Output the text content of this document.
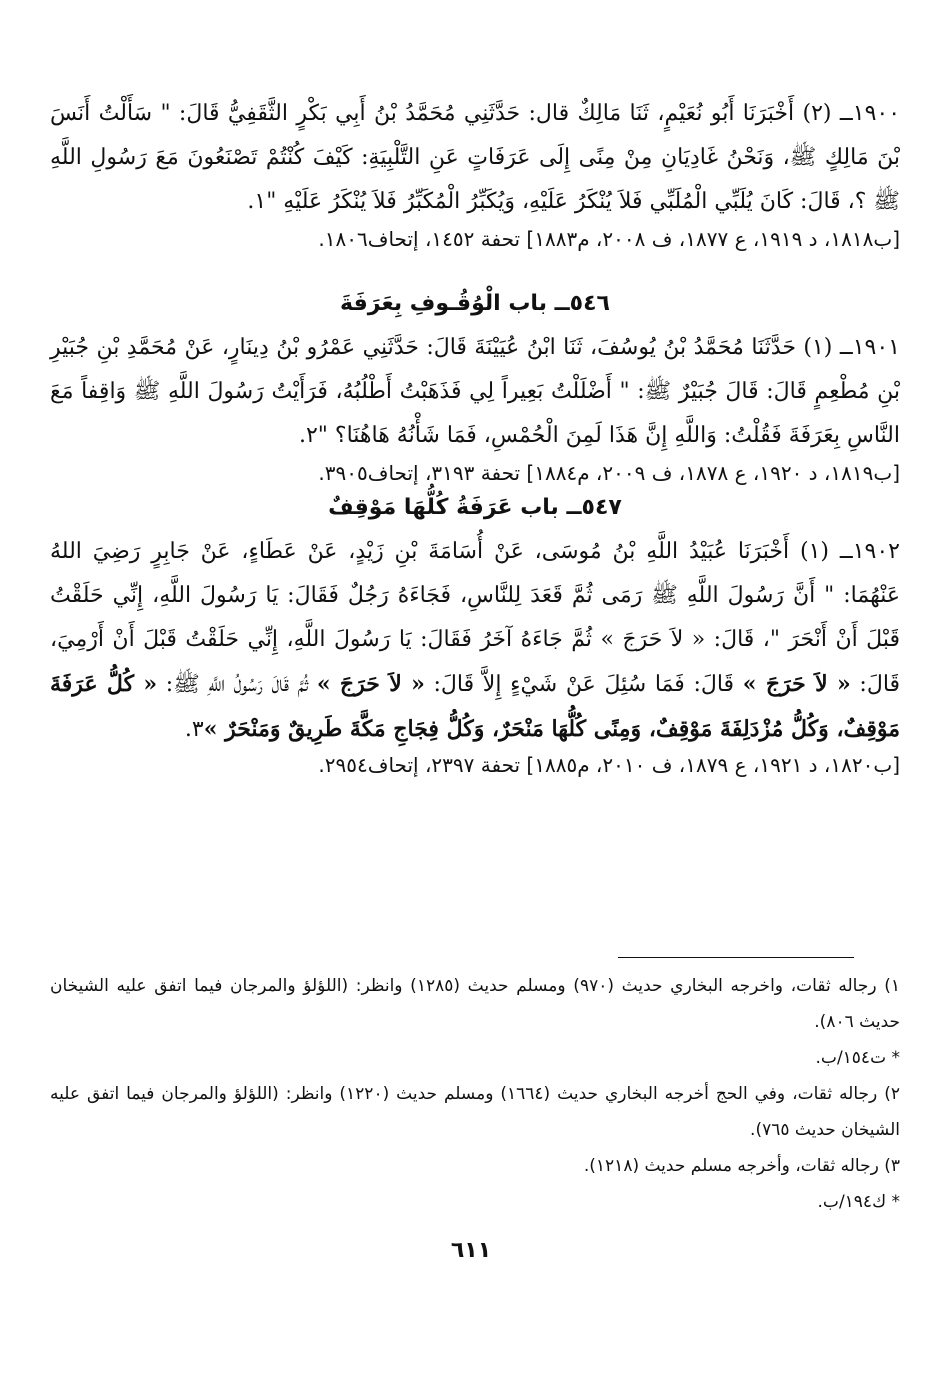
١٩٠٠ــ (٢) أَخْبَرَنَا أَبُو نُعَيْمٍ، ثَنَا مَالِكٌ قال: حَدَّثَنِي مُحَمَّدُ بْنُ أَبِي بَكْرٍ الثَّقَفِيُّ قَالَ: " سَأَلْتُ أَنَسَ بْنَ مَالِكٍ ﷺ، وَنَحْنُ غَادِيَانِ مِنْ مِنًى إِلَى عَرَفَاتٍ عَنِ التَّلْبِيَةِ: كَيْفَ كُنْتُمْ تَصْنَعُونَ مَعَ رَسُولِ اللَّهِ ﷺ ؟، قَالَ: كَانَ يُلَبِّي الْمُلَبِّي فَلاَ يُنْكَرُ عَلَيْهِ، وَيُكَبِّرُ الْمُكَبِّرُ فَلاَ يُنْكَرُ عَلَيْهِ "١.

[ب١٨١٨، د ١٩١٩، ع ١٨٧٧، ف ٢٠٠٨، م١٨٨٣] تحفة ١٤٥٢، إتحاف١٨٠٦.

٥٤٦ــ باب الْوُقُـوفِ بِعَرَفَةَ

١٩٠١ــ (١) حَدَّثَنَا مُحَمَّدُ بْنُ يُوسُفَ، ثَنَا ابْنُ عُيَيْنَةَ قَالَ: حَدَّثَنِي عَمْرُو بْنُ دِينَارٍ، عَنْ مُحَمَّدِ بْنِ جُبَيْرِ بْنِ مُطْعِمٍ قَالَ: قَالَ جُبَيْرٌ ﷺ: " أَضْلَلْتُ بَعِيراً لِي فَذَهَبْتُ أَطْلُبُهُ، فَرَأَيْتُ رَسُولَ اللَّهِ ﷺ وَاقِفاً مَعَ النَّاسِ بِعَرَفَةَ فَقُلْتُ: وَاللَّهِ إِنَّ هَذَا لَمِنَ الْحُمْسِ، فَمَا شَأْنُهُ هَاهُنَا؟ "٢.

[ب١٨١٩، د ١٩٢٠، ع ١٨٧٨، ف ٢٠٠٩، م١٨٨٤] تحفة ٣١٩٣، إتحاف٣٩٠٥.

٥٤٧ــ باب عَرَفَةُ كُلُّهَا مَوْقِفٌ

١٩٠٢ــ (١) أَخْبَرَنَا عُبَيْدُ اللَّهِ بْنُ مُوسَى، عَنْ أُسَامَةَ بْنِ زَيْدٍ، عَنْ عَطَاءٍ، عَنْ جَابِرٍ رَضِيَ اللهُ عَنْهُمَا: " أَنَّ رَسُولَ اللَّهِ ﷺ رَمَى ثُمَّ قَعَدَ لِلنَّاسِ، فَجَاءَهُ رَجُلٌ فَقَالَ: يَا رَسُولَ اللَّهِ، إِنِّي حَلَقْتُ قَبْلَ أَنْ أَنْحَرَ "، قَالَ: « لاَ حَرَجَ » ثُمَّ جَاءَهُ آخَرُ فَقَالَ: يَا رَسُولَ اللَّهِ، إِنِّي حَلَقْتُ قَبْلَ أَنْ أَرْمِيَ، قَالَ: « لاَ حَرَجَ » قَالَ: فَمَا سُئِلَ عَنْ شَيْءٍ إِلاَّ قَالَ: « لاَ حَرَجَ » ثُمَّ قَالَ رَسُولُ اللَّهِ ﷺ: « كُلُّ عَرَفَةَ مَوْقِفٌ، وَكُلُّ مُزْدَلِفَةَ مَوْقِفٌ، وَمِنًى كُلُّهَا مَنْحَرٌ، وَكُلُّ فِجَاجِ مَكَّةَ طَرِيقٌ وَمَنْحَرٌ »٣.

[ب١٨٢٠، د ١٩٢١، ع ١٨٧٩، ف ٢٠١٠، م١٨٨٥] تحفة ٢٣٩٧، إتحاف٢٩٥٤.

١) رجاله ثقات، واخرجه البخاري حديث (٩٧٠) ومسلم حديث (١٢٨٥) وانظر: (اللؤلؤ والمرجان فيما اتفق عليه الشيخان حديث ٨٠٦).

* ت١٥٤/ب.

٢) رجاله ثقات، وفي الحج أخرجه البخاري حديث (١٦٦٤) ومسلم حديث (١٢٢٠) وانظر: (اللؤلؤ والمرجان فيما اتفق عليه الشيخان حديث ٧٦٥).

٣) رجاله ثقات، وأخرجه مسلم حديث (١٢١٨).

* ك١٩٤/ب.

٦١١
